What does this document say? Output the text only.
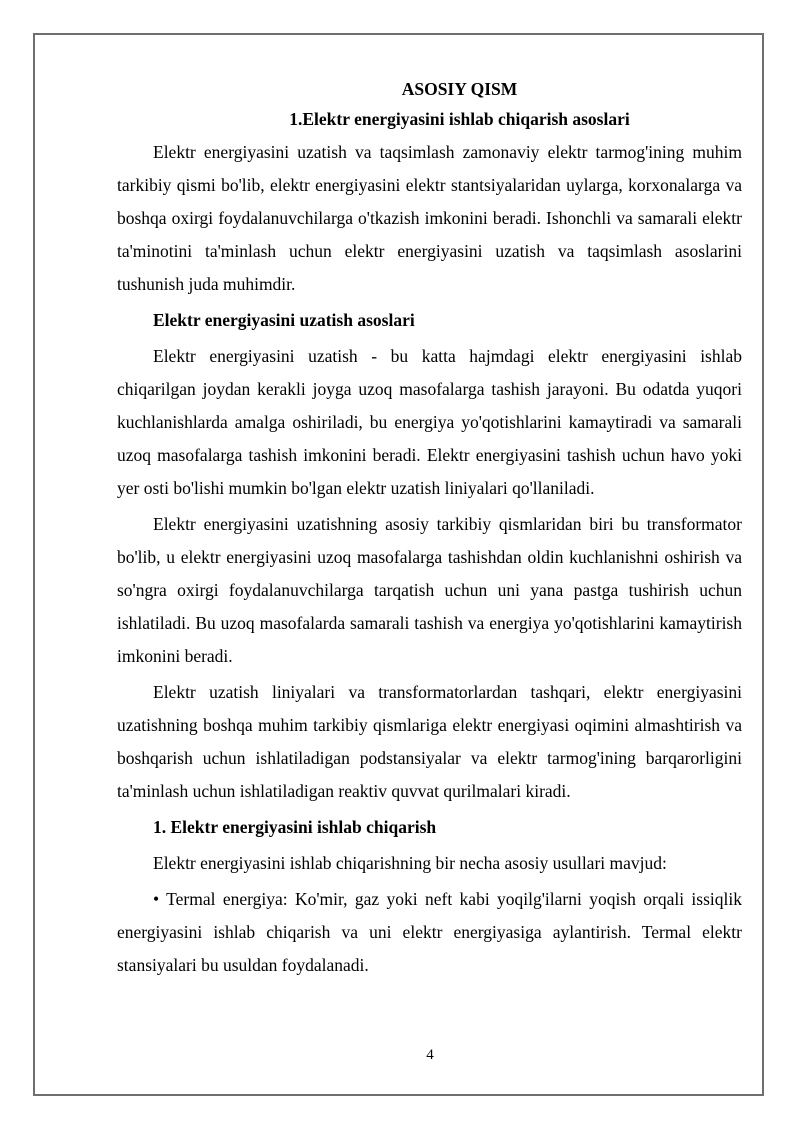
ASOSIY QISM

1.Elektr energiyasini ishlab chiqarish asoslari

Elektr energiyasini uzatish va taqsimlash zamonaviy elektr tarmog'ining muhim tarkibiy qismi bo'lib, elektr energiyasini elektr stantsiyalaridan uylarga, korxonalarga va boshqa oxirgi foydalanuvchilarga o'tkazish imkonini beradi. Ishonchli va samarali elektr ta'minotini ta'minlash uchun elektr energiyasini uzatish va taqsimlash asoslarini tushunish juda muhimdir.

Elektr energiyasini uzatish asoslari

Elektr energiyasini uzatish - bu katta hajmdagi elektr energiyasini ishlab chiqarilgan joydan kerakli joyga uzoq masofalarga tashish jarayoni. Bu odatda yuqori kuchlanishlarda amalga oshiriladi, bu energiya yo'qotishlarini kamaytiradi va samarali uzoq masofalarga tashish imkonini beradi. Elektr energiyasini tashish uchun havo yoki yer osti bo'lishi mumkin bo'lgan elektr uzatish liniyalari qo'llaniladi.

Elektr energiyasini uzatishning asosiy tarkibiy qismlaridan biri bu transformator bo'lib, u elektr energiyasini uzoq masofalarga tashishdan oldin kuchlanishni oshirish va so'ngra oxirgi foydalanuvchilarga tarqatish uchun uni yana pastga tushirish uchun ishlatiladi. Bu uzoq masofalarda samarali tashish va energiya yo'qotishlarini kamaytirish imkonini beradi.

Elektr uzatish liniyalari va transformatorlardan tashqari, elektr energiyasini uzatishning boshqa muhim tarkibiy qismlariga elektr energiyasi oqimini almashtirish va boshqarish uchun ishlatiladigan podstansiyalar va elektr tarmog'ining barqarorligini ta'minlash uchun ishlatiladigan reaktiv quvvat qurilmalari kiradi.

1. Elektr energiyasini ishlab chiqarish

Elektr energiyasini ishlab chiqarishning bir necha asosiy usullari mavjud:

• Termal energiya: Ko'mir, gaz yoki neft kabi yoqilg'ilarni yoqish orqali issiqlik energiyasini ishlab chiqarish va uni elektr energiyasiga aylantirish. Termal elektr stansiyalari bu usuldan foydalanadi.

4
